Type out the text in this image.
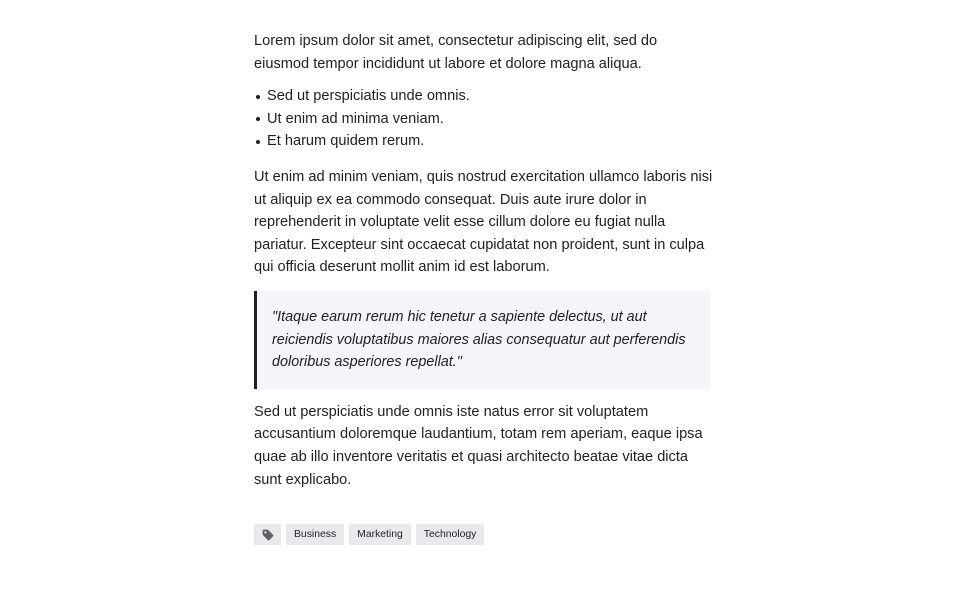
Lorem ipsum dolor sit amet, consectetur adipiscing elit, sed do eiusmod tempor incididunt ut labore et dolore magna aliqua.

Sed ut perspiciatis unde omnis.
Ut enim ad minima veniam.
Et harum quidem rerum.

Ut enim ad minim veniam, quis nostrud exercitation ullamco laboris nisi ut aliquip ex ea commodo consequat. Duis aute irure dolor in reprehenderit in voluptate velit esse cillum dolore eu fugiat nulla pariatur. Excepteur sint occaecat cupidatat non proident, sunt in culpa qui officia deserunt mollit anim id est laborum.

"Itaque earum rerum hic tenetur a sapiente delectus, ut aut reiciendis voluptatibus maiores alias consequatur aut perferendis doloribus asperiores repellat."

Sed ut perspiciatis unde omnis iste natus error sit voluptatem accusantium doloremque laudantium, totam rem aperiam, eaque ipsa quae ab illo inventore veritatis et quasi architecto beatae vitae dicta sunt explicabo.

Business	Marketing	Technology
